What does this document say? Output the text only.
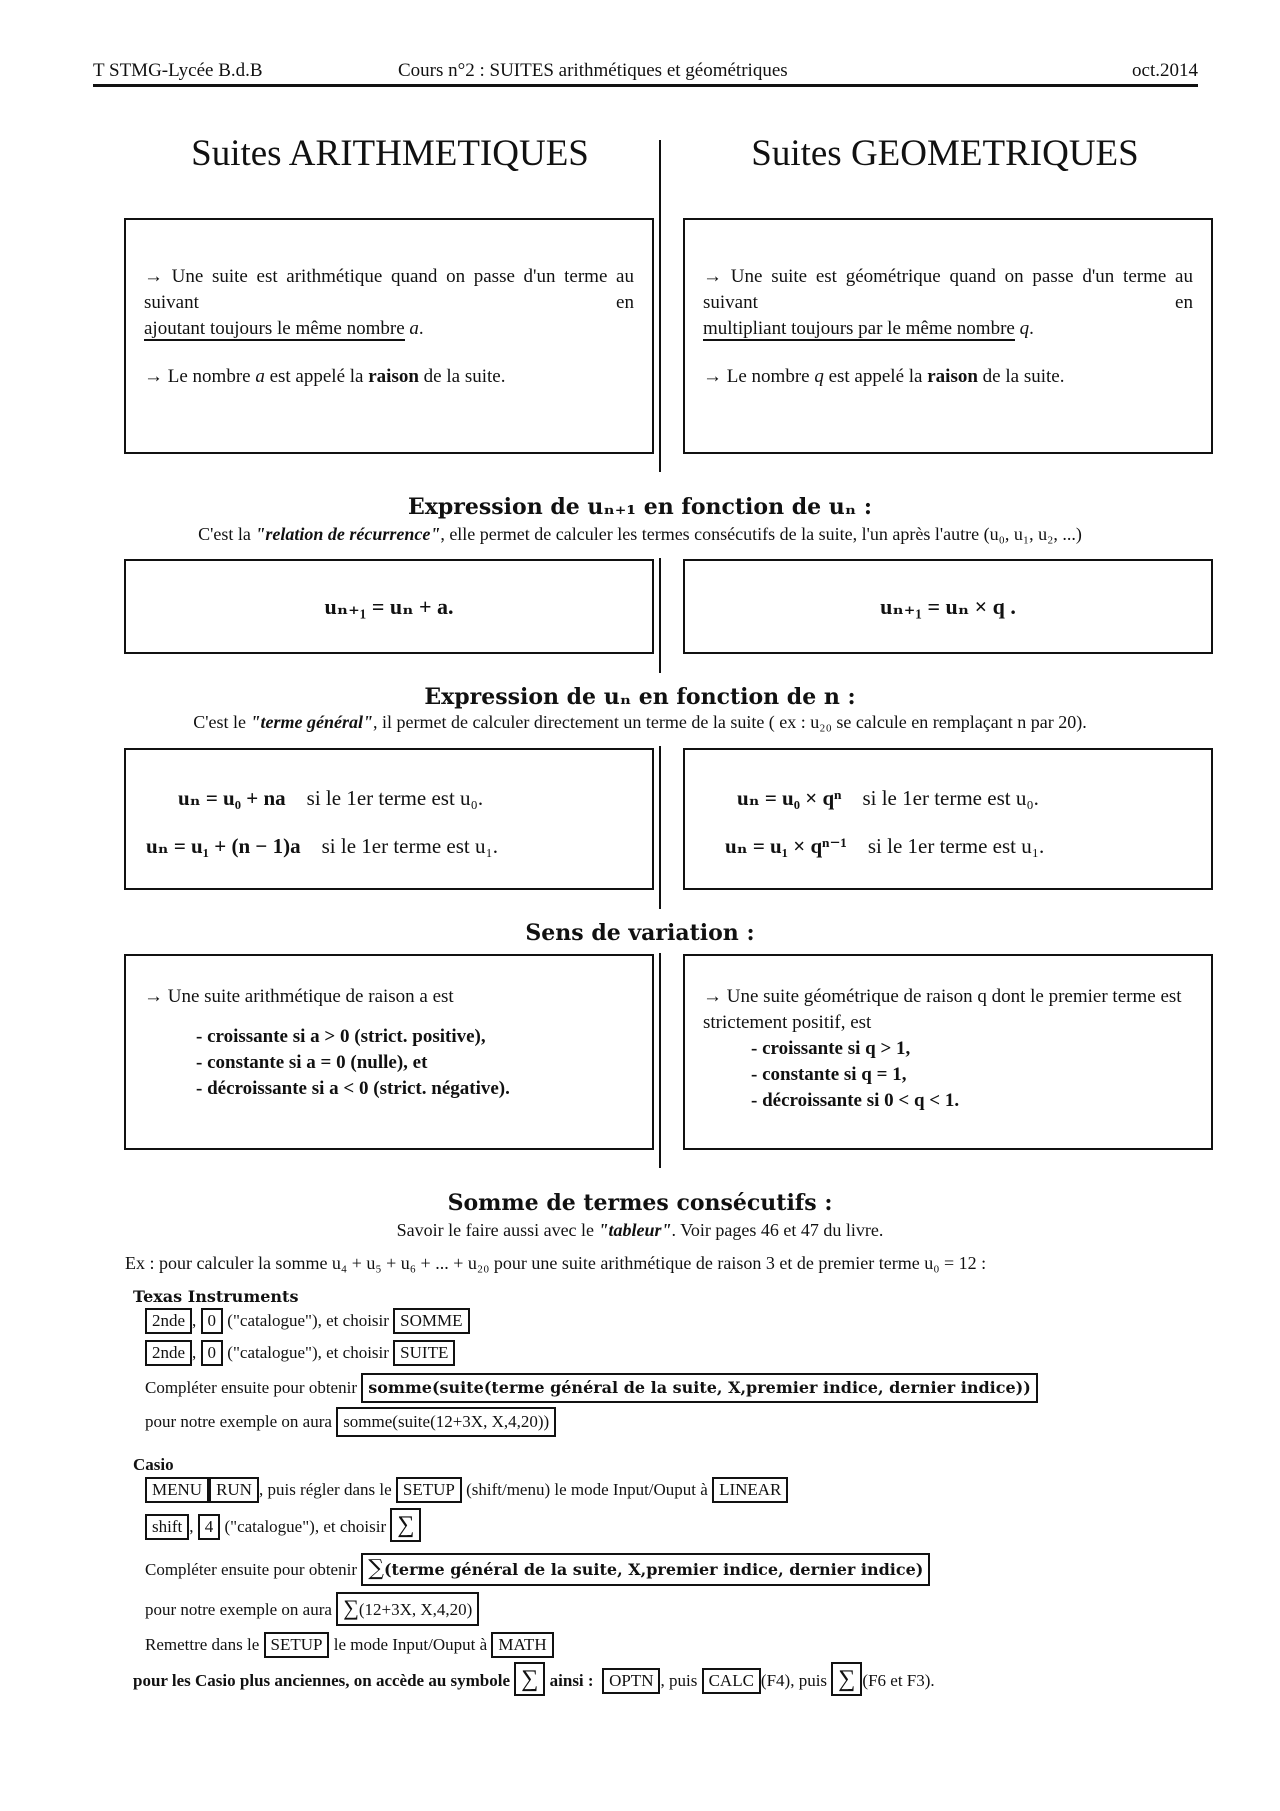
T STMG-Lycée B.d.B	Cours n°2 : SUITES arithmétiques et géométriques	oct.2014
Suites ARITHMETIQUES	Suites GEOMETRIQUES
→ Une suite est arithmétique quand on passe d'un terme au suivant en
ajoutant toujours le même nombre a.
→ Le nombre a est appelé la raison de la suite.
→ Une suite est géométrique quand on passe d'un terme au suivant en
multipliant toujours par le même nombre q.
→ Le nombre q est appelé la raison de la suite.
Expression de uₙ₊₁ en fonction de uₙ :
C'est la "relation de récurrence", elle permet de calculer les termes consécutifs de la suite, l'un après l'autre (u₀, u₁, u₂, ...)
uₙ₊₁ = uₙ + a.	uₙ₊₁ = uₙ × q .
Expression de uₙ en fonction de n :
C'est le "terme général", il permet de calculer directement un terme de la suite ( ex : u₂₀ se calcule en remplaçant n par 20).
uₙ = u₀ + na si le 1er terme est u₀.
uₙ = u₁ + (n − 1)a si le 1er terme est u₁.
uₙ = u₀ × qⁿ si le 1er terme est u₀.
uₙ = u₁ × qⁿ⁻¹ si le 1er terme est u₁.
Sens de variation :
→ Une suite arithmétique de raison a est
- croissante si a > 0 (strict. positive),
- constante si a = 0 (nulle), et
- décroissante si a < 0 (strict. négative).
→ Une suite géométrique de raison q dont le premier terme est strictement positif, est
- croissante si q > 1,
- constante si q = 1,
- décroissante si 0 < q < 1.
Somme de termes consécutifs :
Savoir le faire aussi avec le "tableur". Voir pages 46 et 47 du livre.
Ex : pour calculer la somme u₄ + u₅ + u₆ + ... + u₂₀ pour une suite arithmétique de raison 3 et de premier terme u₀ = 12 :
Texas Instruments
2nde , 0 ("catalogue"), et choisir SOMME
2nde , 0 ("catalogue"), et choisir SUITE
Compléter ensuite pour obtenir somme(suite(terme général de la suite, X,premier indice, dernier indice))
pour notre exemple on aura somme(suite(12+3X, X,4,20))
Casio
MENU RUN , puis régler dans le SETUP (shift/menu) le mode Input/Ouput à LINEAR
shift , 4 ("catalogue"), et choisir ∑
Compléter ensuite pour obtenir ∑(terme général de la suite, X,premier indice, dernier indice)
pour notre exemple on aura ∑(12+3X, X,4,20)
Remettre dans le SETUP le mode Input/Ouput à MATH
pour les Casio plus anciennes, on accède au symbole ∑ ainsi : OPTN , puis CALC (F4), puis ∑ (F6 et F3).
